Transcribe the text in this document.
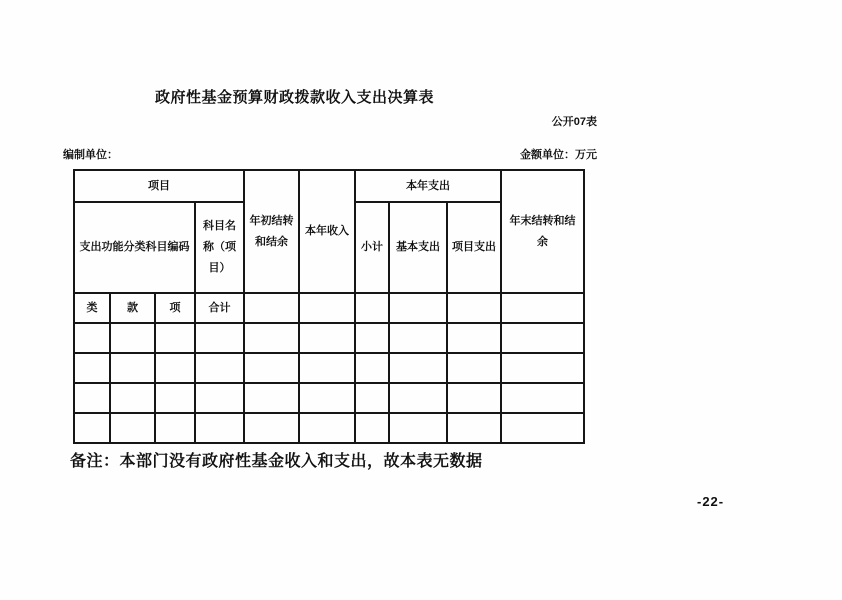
政府性基金预算财政拨款收入支出决算表
公开07表
编制单位：	金额单位：万元
项目				年初结转和结余	本年收入	本年支出			年末结转和结余
支出功能分类科目编码			科目名称（项目）			小计	基本支出	项目支出	
类	款	项	合计						

备注：本部门没有政府性基金收入和支出，故本表无数据
-22-
